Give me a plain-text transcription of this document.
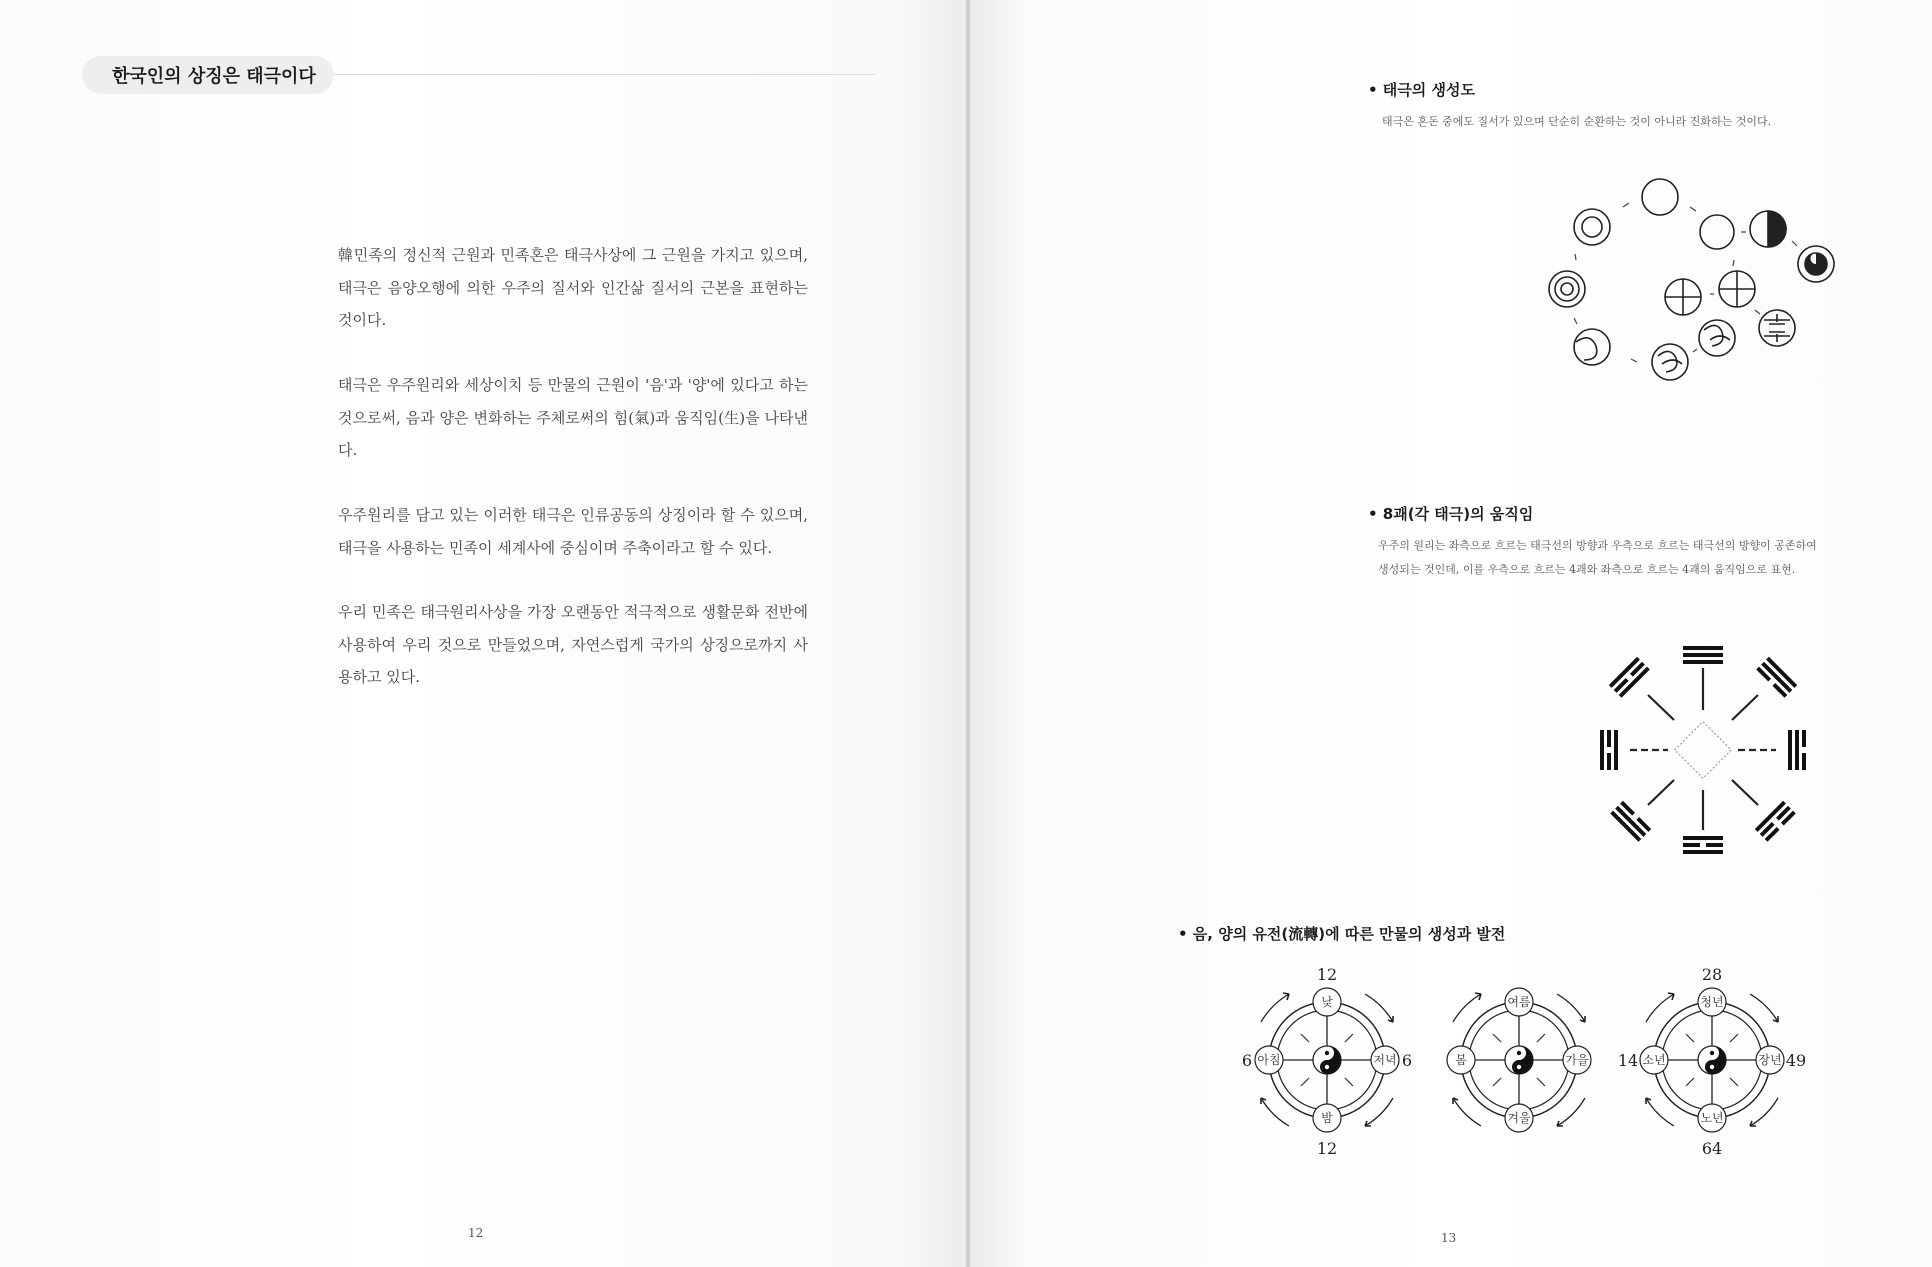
한국인의 상징은 태극이다
韓민족의 정신적 근원과 민족혼은 태극사상에 그 근원을 가지고 있으며, 태극은 음양오행에 의한 우주의 질서와 인간삶 질서의 근본을 표현하는 것이다.
태극은 우주원리와 세상이치 등 만물의 근원이 '음'과 '양'에 있다고 하는 것으로써, 음과 양은 변화하는 주체로써의 힘(氣)과 움직임(生)을 나타낸다.
우주원리를 담고 있는 이러한 태극은 인류공동의 상징이라 할 수 있으며, 태극을 사용하는 민족이 세계사에 중심이며 주축이라고 할 수 있다.
우리 민족은 태극원리사상을 가장 오랜동안 적극적으로 생활문화 전반에 사용하여 우리 것으로 만들었으며, 자연스럽게 국가의 상징으로까지 사용하고 있다.
12
• 태극의 생성도
태극은 혼돈 중에도 질서가 있으며 단순히 순환하는 것이 아니라 진화하는 것이다.
• 8괘(각 태극)의 움직임
우주의 원리는 좌측으로 흐르는 태극선의 방향과 우측으로 흐르는 태극선의 방향이 공존하여
생성되는 것인데, 이를 우측으로 흐르는 4괘와 좌측으로 흐르는 4괘의 움직임으로 표현.
• 음, 양의 유전(流轉)에 따른 만물의 생성과 발전
낮
밤
아침	저녁
12
12
6	6
여름
겨울
봄	가을
청년
노년
소년	장년
28
64
14	49
13
